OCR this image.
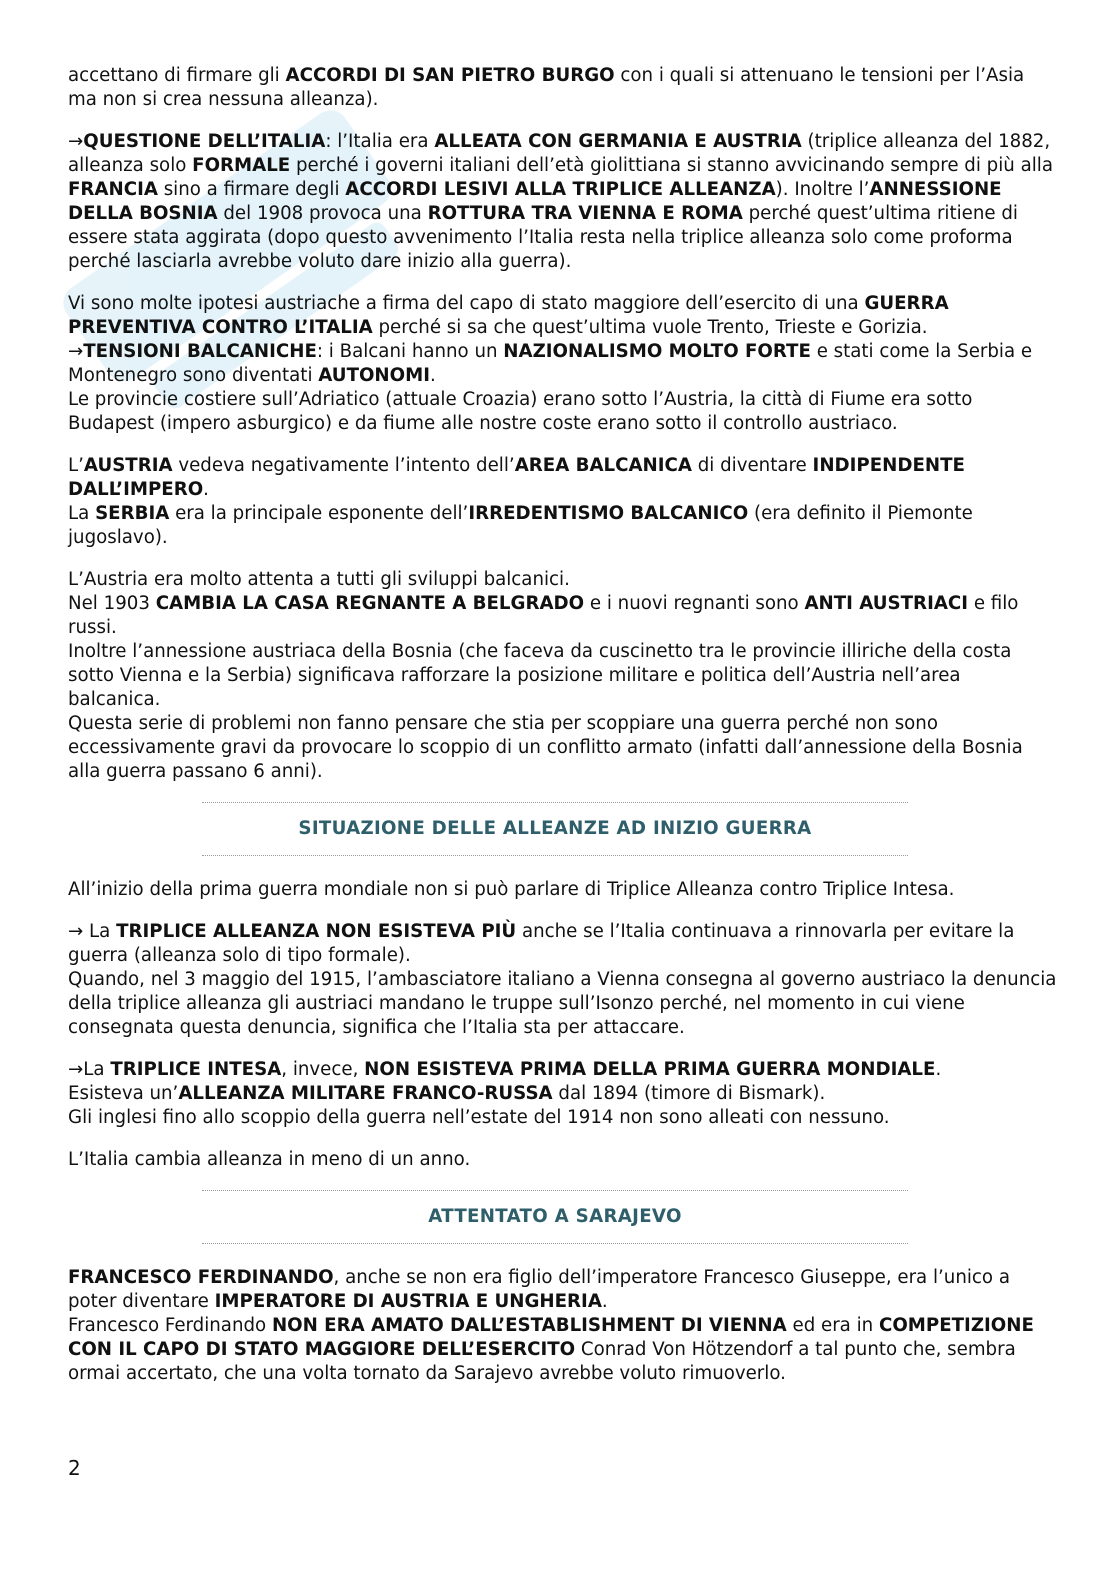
accettano di firmare gli ACCORDI DI SAN PIETRO BURGO con i quali si attenuano le tensioni per l’Asia ma non si crea nessuna alleanza).

→QUESTIONE DELL’ITALIA: l’Italia era ALLEATA CON GERMANIA E AUSTRIA (triplice alleanza del 1882, alleanza solo FORMALE perché i governi italiani dell’età giolittiana si stanno avvicinando sempre di più alla FRANCIA sino a firmare degli ACCORDI LESIVI ALLA TRIPLICE ALLEANZA). Inoltre l’ANNESSIONE DELLA BOSNIA del 1908 provoca una ROTTURA TRA VIENNA E ROMA perché quest’ultima ritiene di essere stata aggirata (dopo questo avvenimento l’Italia resta nella triplice alleanza solo come proforma perché lasciarla avrebbe voluto dare inizio alla guerra).

Vi sono molte ipotesi austriache a firma del capo di stato maggiore dell’esercito di una GUERRA PREVENTIVA CONTRO L’ITALIA perché si sa che quest’ultima vuole Trento, Trieste e Gorizia.

→TENSIONI BALCANICHE: i Balcani hanno un NAZIONALISMO MOLTO FORTE e stati come la Serbia e Montenegro sono diventati AUTONOMI.

Le provincie costiere sull’Adriatico (attuale Croazia) erano sotto l’Austria, la città di Fiume era sotto Budapest (impero asburgico) e da fiume alle nostre coste erano sotto il controllo austriaco.

L’AUSTRIA vedeva negativamente l’intento dell’AREA BALCANICA di diventare INDIPENDENTE DALL’IMPERO.

La SERBIA era la principale esponente dell’IRREDENTISMO BALCANICO (era definito il Piemonte jugoslavo).

L’Austria era molto attenta a tutti gli sviluppi balcanici.

Nel 1903 CAMBIA LA CASA REGNANTE A BELGRADO e i nuovi regnanti sono ANTI AUSTRIACI e filo russi.

Inoltre l’annessione austriaca della Bosnia (che faceva da cuscinetto tra le provincie illiriche della costa sotto Vienna e la Serbia) significava rafforzare la posizione militare e politica dell’Austria nell’area balcanica.

Questa serie di problemi non fanno pensare che stia per scoppiare una guerra perché non sono eccessivamente gravi da provocare lo scoppio di un conflitto armato (infatti dall’annessione della Bosnia alla guerra passano 6 anni).

SITUAZIONE DELLE ALLEANZE AD INIZIO GUERRA

All’inizio della prima guerra mondiale non si può parlare di Triplice Alleanza contro Triplice Intesa.

→ La TRIPLICE ALLEANZA NON ESISTEVA PIÙ anche se l’Italia continuava a rinnovarla per evitare la guerra (alleanza solo di tipo formale).

Quando, nel 3 maggio del 1915, l’ambasciatore italiano a Vienna consegna al governo austriaco la denuncia della triplice alleanza gli austriaci mandano le truppe sull’Isonzo perché, nel momento in cui viene consegnata questa denuncia, significa che l’Italia sta per attaccare.

→La TRIPLICE INTESA, invece, NON ESISTEVA PRIMA DELLA PRIMA GUERRA MONDIALE.

Esisteva un’ALLEANZA MILITARE FRANCO-RUSSA dal 1894 (timore di Bismark).

Gli inglesi fino allo scoppio della guerra nell’estate del 1914 non sono alleati con nessuno.

L’Italia cambia alleanza in meno di un anno.

ATTENTATO A SARAJEVO

FRANCESCO FERDINANDO, anche se non era figlio dell’imperatore Francesco Giuseppe, era l’unico a poter diventare IMPERATORE DI AUSTRIA E UNGHERIA.

Francesco Ferdinando NON ERA AMATO DALL’ESTABLISHMENT DI VIENNA ed era in COMPETIZIONE CON IL CAPO DI STATO MAGGIORE DELL’ESERCITO Conrad Von Hötzendorf a tal punto che, sembra ormai accertato, che una volta tornato da Sarajevo avrebbe voluto rimuoverlo.

2
